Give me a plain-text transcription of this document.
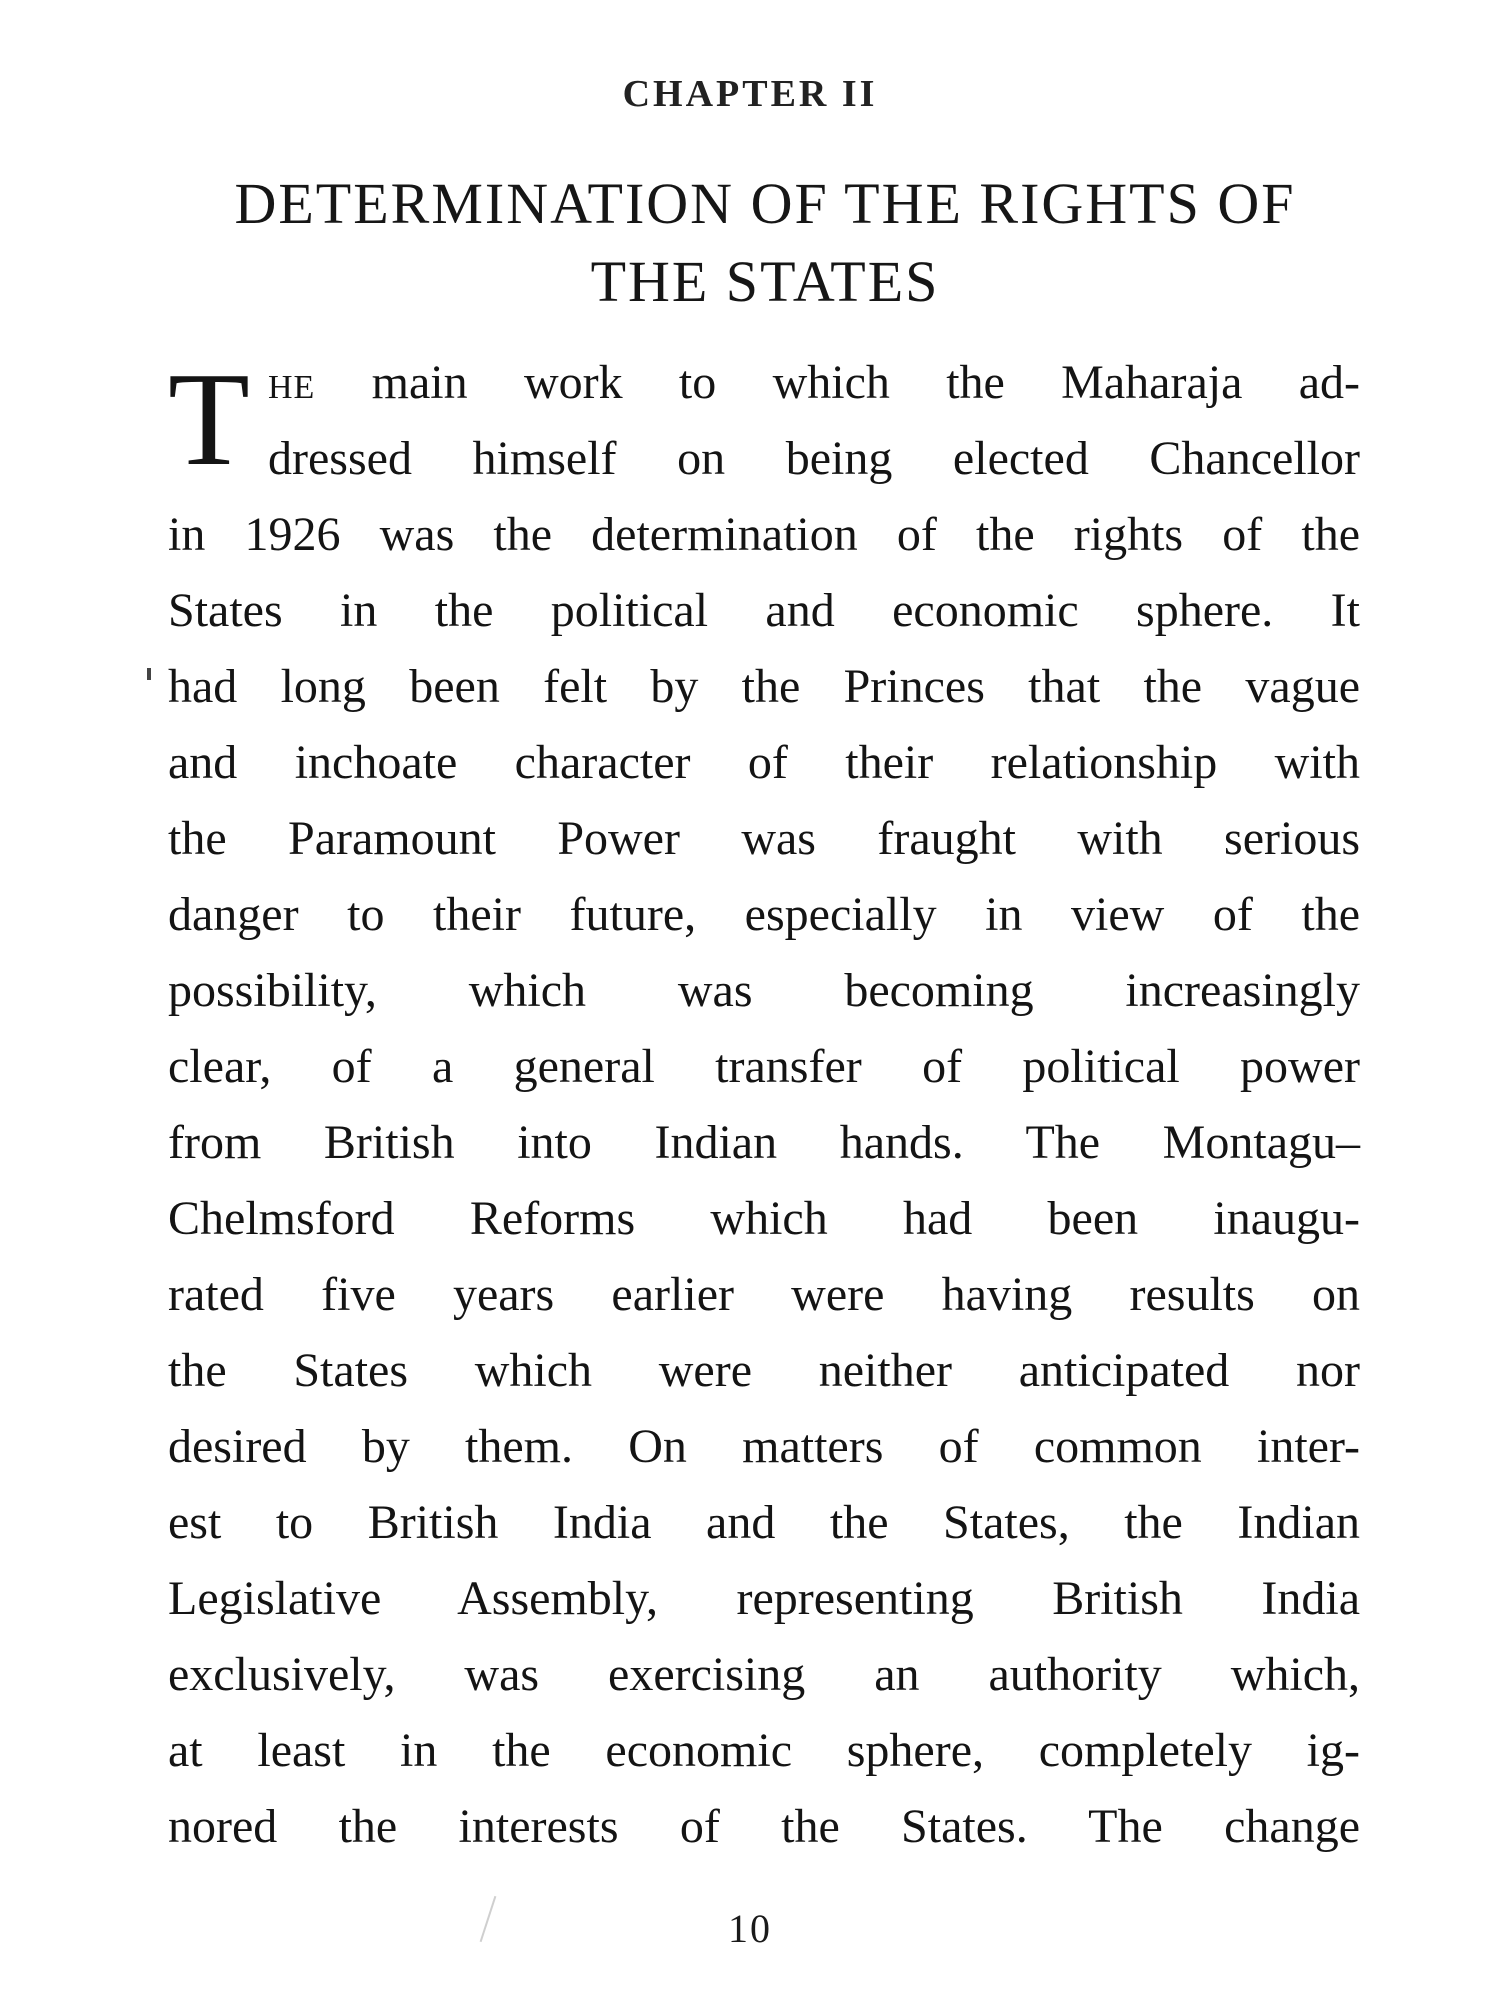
CHAPTER II
DETERMINATION OF THE RIGHTS OF
THE STATES
T HE main work to which the Maharaja ad-
dressed himself on being elected Chancellor
in 1926 was the determination of the rights of the
States in the political and economic sphere. It
had long been felt by the Princes that the vague
and inchoate character of their relationship with
the Paramount Power was fraught with serious
danger to their future, especially in view of the
possibility, which was becoming increasingly
clear, of a general transfer of political power
from British into Indian hands. The Montagu–
Chelmsford Reforms which had been inaugu-
rated five years earlier were having results on
the States which were neither anticipated nor
desired by them. On matters of common inter-
est to British India and the States, the Indian
Legislative Assembly, representing British India
exclusively, was exercising an authority which,
at least in the economic sphere, completely ig-
nored the interests of the States. The change
10
